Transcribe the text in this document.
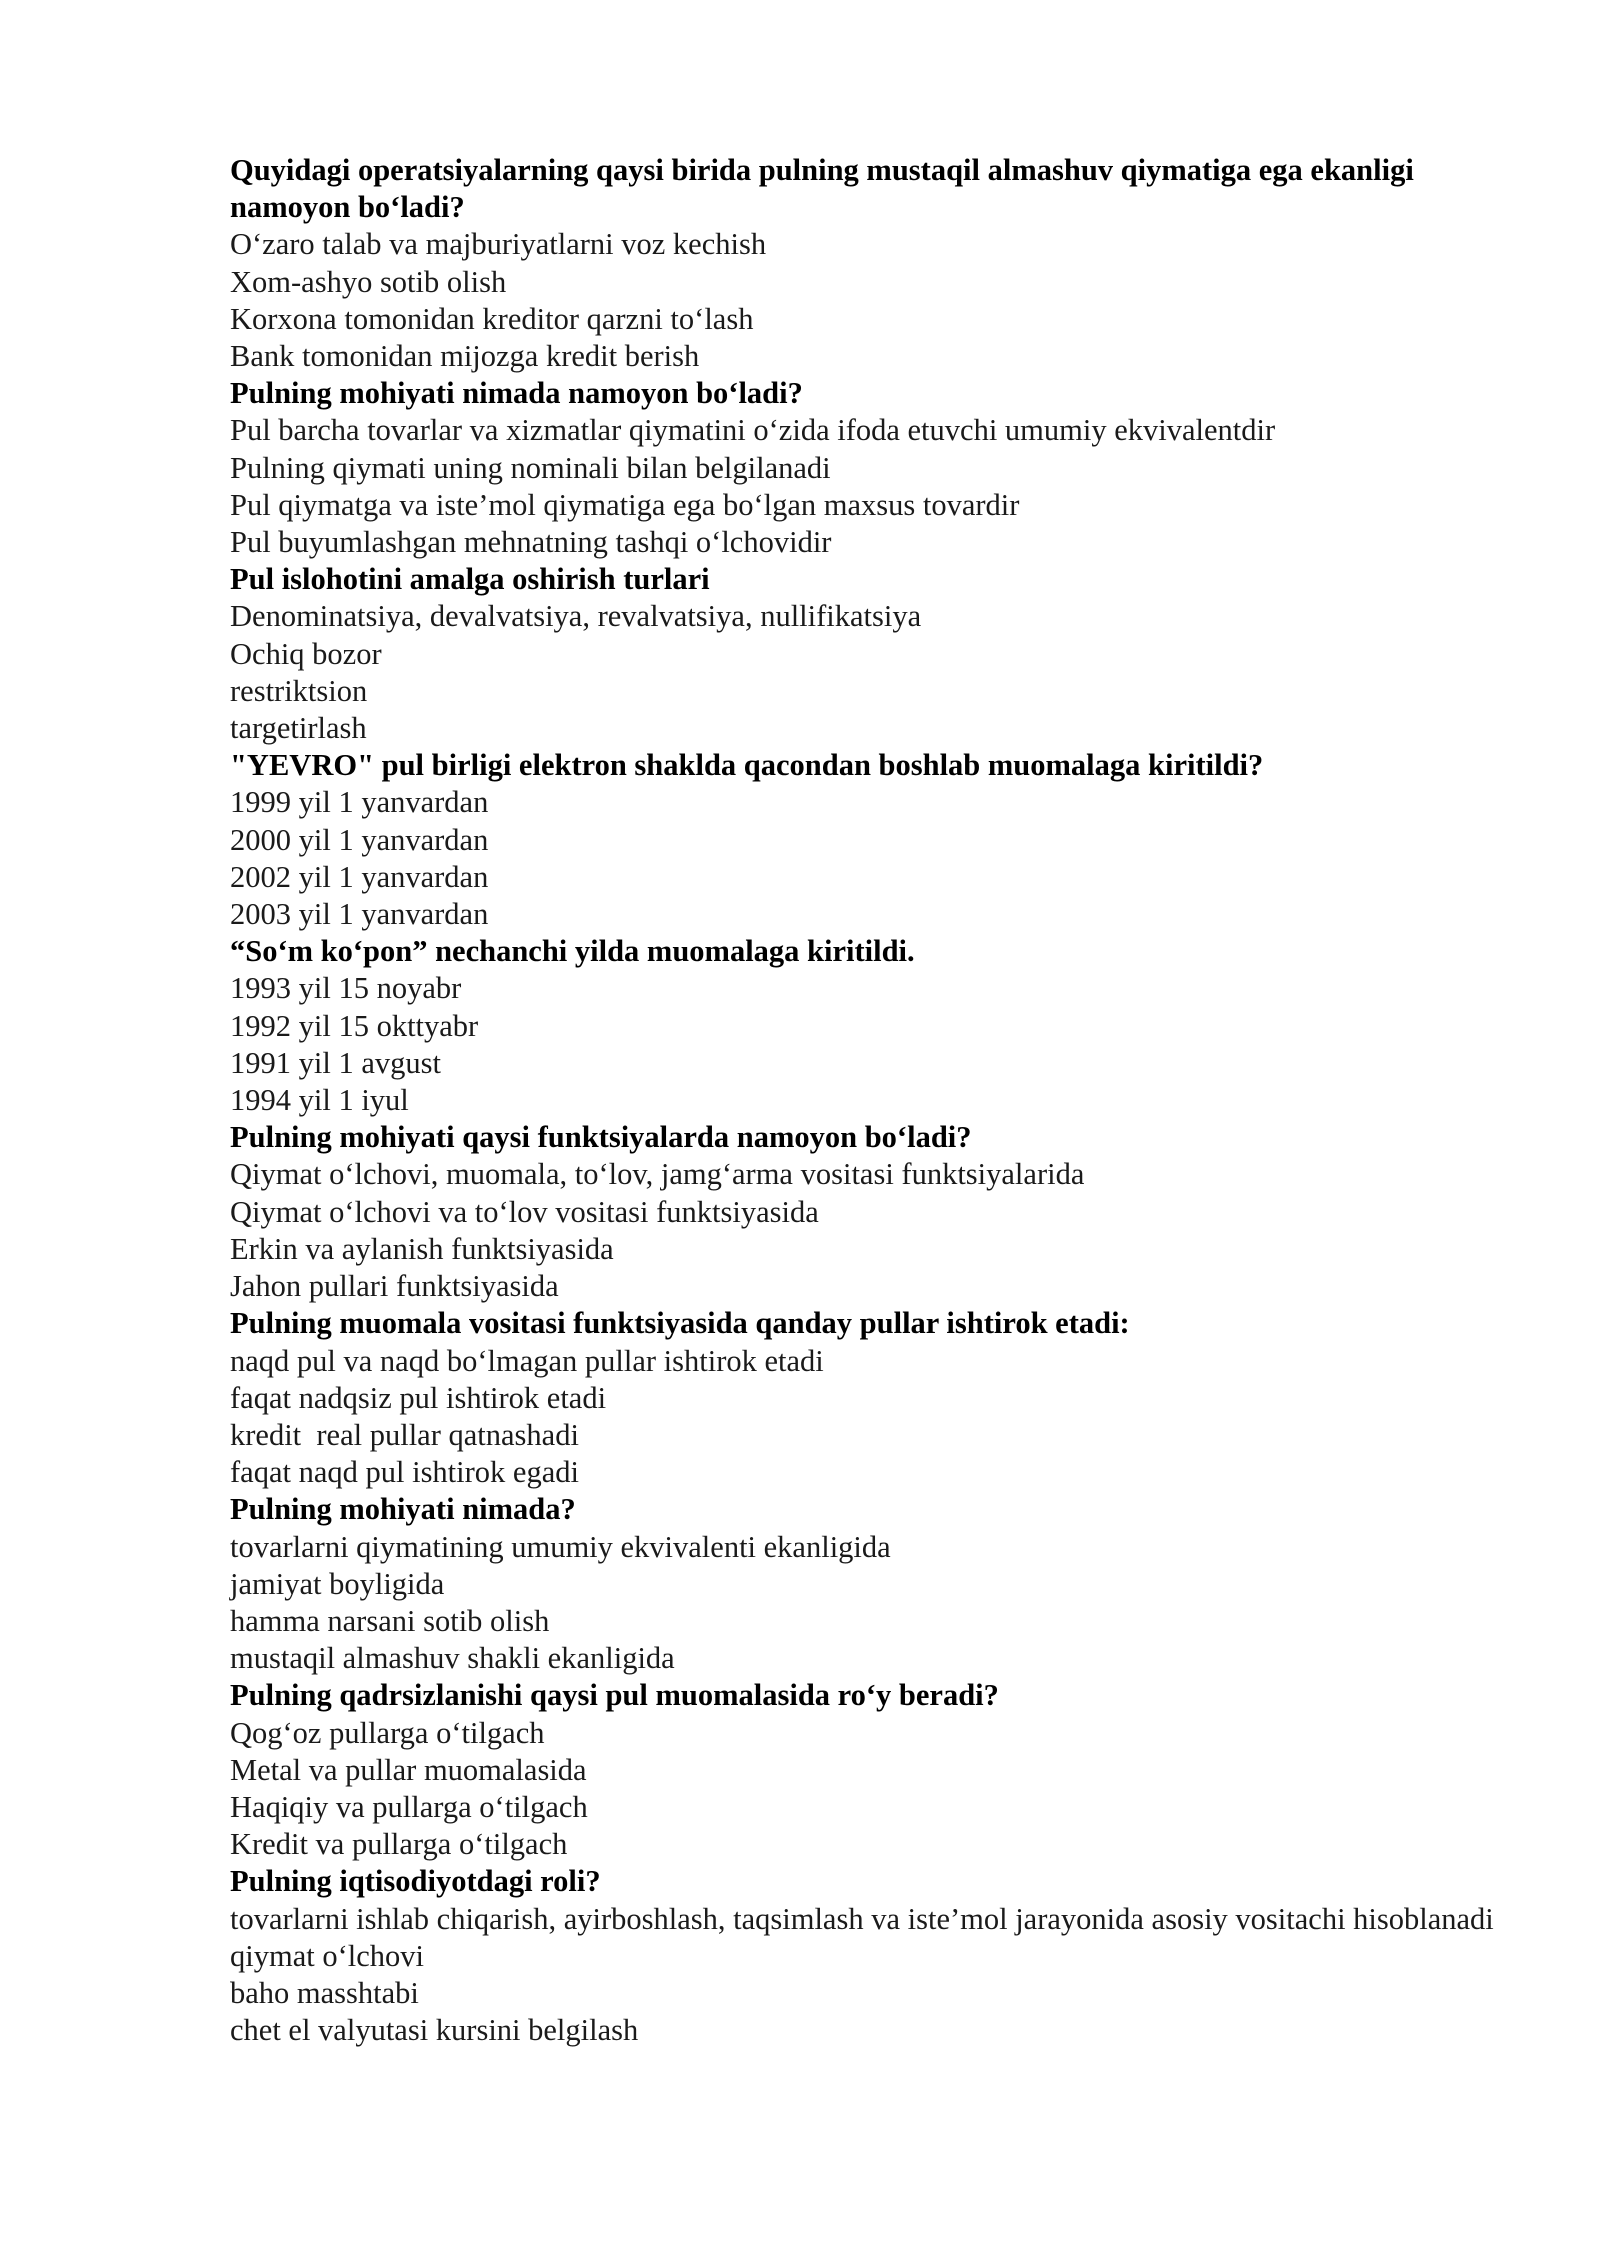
Quyidagi operatsiyalarning qaysi birida pulning mustaqil almashuv qiymatiga ega ekanligi namoyon bo‘ladi?

O‘zaro talab va majburiyatlarni voz kechish
Xom-ashyo sotib olish
Korxona tomonidan kreditor qarzni to‘lash
Bank tomonidan mijozga kredit berish

Pulning mohiyati nimada namoyon bo‘ladi?

Pul barcha tovarlar va xizmatlar qiymatini o‘zida ifoda etuvchi umumiy ekvivalentdir
Pulning qiymati uning nominali bilan belgilanadi
Pul qiymatga va iste’mol qiymatiga ega bo‘lgan maxsus tovardir
Pul buyumlashgan mehnatning tashqi o‘lchovidir

Pul islohotini amalga oshirish turlari

Denominatsiya, devalvatsiya, revalvatsiya, nullifikatsiya
Ochiq bozor
restriktsion
targetirlash

"YEVRO" pul birligi elektron shaklda qacondan boshlab muomalaga kiritildi?

1999 yil 1 yanvardan
2000 yil 1 yanvardan
2002 yil 1 yanvardan
2003 yil 1 yanvardan

“So‘m ko‘pon” nechanchi yilda muomalaga kiritildi.

1993 yil 15 noyabr
1992 yil 15 okttyabr
1991 yil 1 avgust
1994 yil 1 iyul

Pulning mohiyati qaysi funktsiyalarda namoyon bo‘ladi?

Qiymat o‘lchovi, muomala, to‘lov, jamg‘arma vositasi funktsiyalarida
Qiymat o‘lchovi va to‘lov vositasi funktsiyasida
Erkin va aylanish funktsiyasida
Jahon pullari funktsiyasida

Pulning muomala vositasi funktsiyasida qanday pullar ishtirok etadi:

naqd pul va naqd bo‘lmagan pullar ishtirok etadi
faqat nadqsiz pul ishtirok etadi
kredit  real pullar qatnashadi
faqat naqd pul ishtirok egadi

Pulning mohiyati nimada?

tovarlarni qiymatining umumiy ekvivalenti ekanligida
jamiyat boyligida
hamma narsani sotib olish
mustaqil almashuv shakli ekanligida

Pulning qadrsizlanishi qaysi pul muomalasida ro‘y beradi?

Qog‘oz pullarga o‘tilgach
Metal va pullar muomalasida
Haqiqiy va pullarga o‘tilgach
Kredit va pullarga o‘tilgach

Pulning iqtisodiyotdagi roli?

tovarlarni ishlab chiqarish, ayirboshlash, taqsimlash va iste’mol jarayonida asosiy vositachi hisoblanadi
qiymat o‘lchovi
baho masshtabi
chet el valyutasi kursini belgilash
